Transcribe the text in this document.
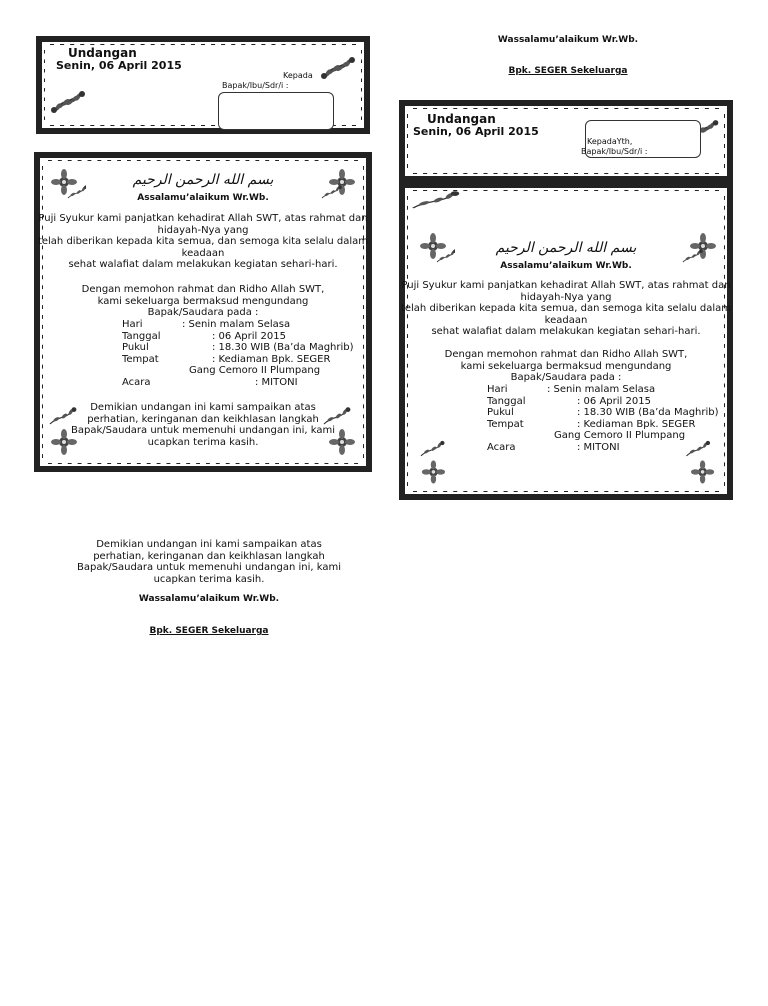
Undangan
Senin, 06 April 2015
Kepada
Bapak/Ibu/Sdr/i :
بسم الله الرحمن الرحيم
Assalamu’alaikum Wr.Wb.
Puji Syukur kami panjatkan kehadirat Allah SWT, atas rahmat dan
hidayah-Nya yang
telah diberikan kepada kita semua, dan semoga kita selalu dalam
keadaan
sehat walafiat dalam melakukan kegiatan sehari-hari.
Dengan memohon rahmat dan Ridho Allah SWT,
kami sekeluarga bermaksud mengundang
Bapak/Saudara pada :
Hari	: Senin malam Selasa
Tanggal	: 06 April 2015
Pukul	: 18.30 WIB (Ba’da Maghrib)
Tempat	: Kediaman Bpk. SEGER
Gang Cemoro II Plumpang
Acara	: MITONI
Demikian undangan ini kami sampaikan atas
perhatian, keringanan dan keikhlasan langkah
Bapak/Saudara untuk memenuhi undangan ini, kami
ucapkan terima kasih.
Demikian undangan ini kami sampaikan atas
perhatian, keringanan dan keikhlasan langkah
Bapak/Saudara untuk memenuhi undangan ini, kami
ucapkan terima kasih.
Wassalamu’alaikum Wr.Wb.
Bpk. SEGER Sekeluarga
Wassalamu’alaikum Wr.Wb.
Bpk. SEGER Sekeluarga
Undangan
Senin, 06 April 2015
KepadaYth,
Bapak/Ibu/Sdr/i :
بسم الله الرحمن الرحيم
Assalamu’alaikum Wr.Wb.
Puji Syukur kami panjatkan kehadirat Allah SWT, atas rahmat dan
hidayah-Nya yang
telah diberikan kepada kita semua, dan semoga kita selalu dalam
keadaan
sehat walafiat dalam melakukan kegiatan sehari-hari.
Dengan memohon rahmat dan Ridho Allah SWT,
kami sekeluarga bermaksud mengundang
Bapak/Saudara pada :
Hari	: Senin malam Selasa
Tanggal	: 06 April 2015
Pukul	: 18.30 WIB (Ba’da Maghrib)
Tempat	: Kediaman Bpk. SEGER
Gang Cemoro II Plumpang
Acara	: MITONI
